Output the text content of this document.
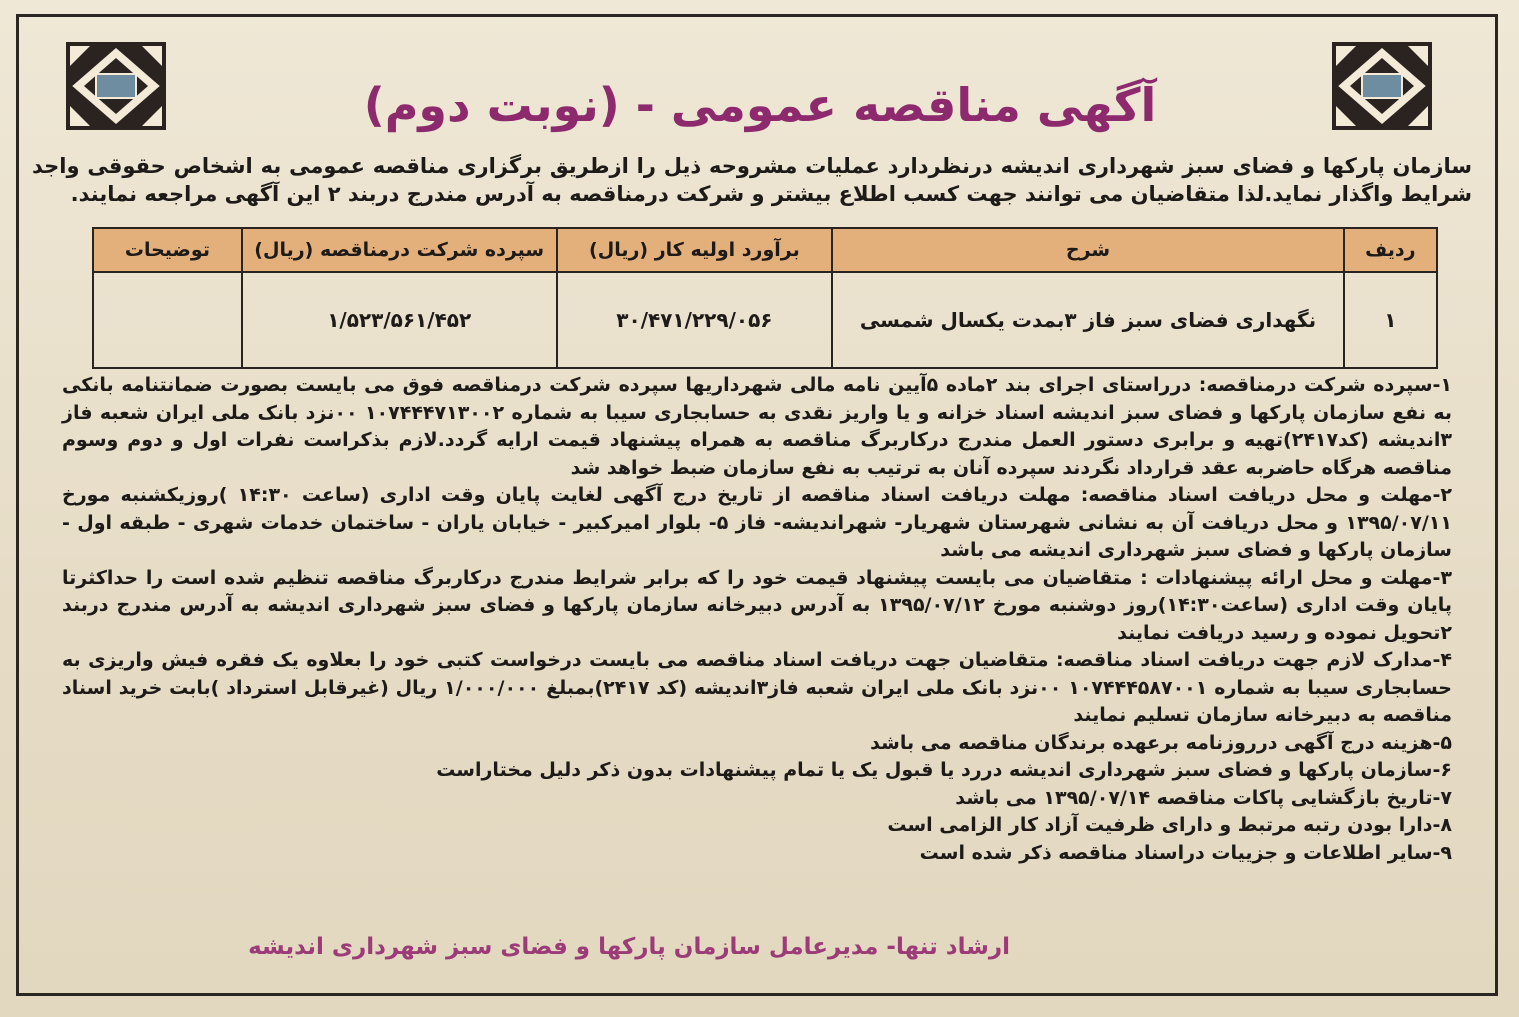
آگهی مناقصه عمومی - (نوبت دوم)
سازمان پارکها و فضای سبز شهرداری اندیشه درنظردارد عملیات مشروحه ذیل را ازطریق برگزاری مناقصه عمومی به اشخاص حقوقی واجد شرایط واگذار نماید.لذا متقاضیان می توانند جهت کسب اطلاع بیشتر و شرکت درمناقصه به آدرس مندرج دربند ۲ این آگهی مراجعه نمایند.
ردیف	شرح	برآورد اولیه کار (ریال)	سپرده شرکت درمناقصه (ریال)	توضیحات
۱	نگهداری فضای سبز فاز ۳بمدت یکسال شمسی	۳۰/۴۷۱/۲۲۹/۰۵۶	۱/۵۲۳/۵۶۱/۴۵۲	

۱-سپرده شرکت درمناقصه: درراستای اجرای بند ۲ماده ۵آیین نامه مالی شهرداریها سپرده شرکت درمناقصه فوق می بایست بصورت ضمانتنامه بانکی به نفع سازمان پارکها و فضای سبز اندیشه اسناد خزانه و یا واریز نقدی به حسابجاری سیبا به شماره ۱۰۷۴۴۴۷۱۳۰۰۲ ۰۰نزد بانک ملی ایران شعبه فاز ۳اندیشه (کد۲۴۱۷)تهیه و برابری دستور العمل مندرج درکاربرگ مناقصه به همراه پیشنهاد قیمت ارایه گردد.لازم بذکراست نفرات اول و دوم وسوم مناقصه هرگاه حاضربه عقد قرارداد نگردند سپرده آنان به ترتیب به نفع سازمان ضبط خواهد شد

۲-مهلت و محل دریافت اسناد مناقصه: مهلت دریافت اسناد مناقصه از تاریخ درج آگهی لغایت پایان وقت اداری (ساعت ۱۴:۳۰ )روزیکشنبه مورخ ۱۳۹۵/۰۷/۱۱ و محل دریافت آن به نشانی شهرستان شهریار- شهراندیشه- فاز ۵- بلوار امیرکبیر - خیابان یاران - ساختمان خدمات شهری - طبقه اول - سازمان پارکها و فضای سبز شهرداری اندیشه می باشد

۳-مهلت و محل ارائه پیشنهادات : متقاضیان می بایست پیشنهاد قیمت خود را که برابر شرایط مندرج درکاربرگ مناقصه تنظیم شده است را حداکثرتا پایان وقت اداری (ساعت۱۴:۳۰)روز دوشنبه مورخ ۱۳۹۵/۰۷/۱۲ به آدرس دبیرخانه سازمان پارکها و فضای سبز شهرداری اندیشه به آدرس مندرج دربند ۲تحویل نموده و رسید دریافت نمایند

۴-مدارک لازم جهت دریافت اسناد مناقصه: متقاضیان جهت دریافت اسناد مناقصه می بایست درخواست کتبی خود را بعلاوه یک فقره فیش واریزی به حسابجاری سیبا به شماره ۱۰۷۴۴۴۵۸۷۰۰۱ ۰۰نزد بانک ملی ایران شعبه فاز۳اندیشه (کد ۲۴۱۷)بمبلغ ۱/۰۰۰/۰۰۰ ریال (غیرقابل استرداد )بابت خرید اسناد مناقصه به دبیرخانه سازمان تسلیم نمایند

۵-هزینه درج آگهی درروزنامه برعهده برندگان مناقصه می باشد

۶-سازمان پارکها و فضای سبز شهرداری اندیشه دررد یا قبول یک یا تمام پیشنهادات بدون ذکر دلیل مختاراست

۷-تاریخ بازگشایی پاکات مناقصه ۱۳۹۵/۰۷/۱۴ می باشد

۸-دارا بودن رتبه مرتبط و دارای ظرفیت آزاد کار الزامی است

۹-سایر اطلاعات و جزییات دراسناد مناقصه ذکر شده است

ارشاد تنها- مدیرعامل سازمان پارکها و فضای سبز شهرداری اندیشه
